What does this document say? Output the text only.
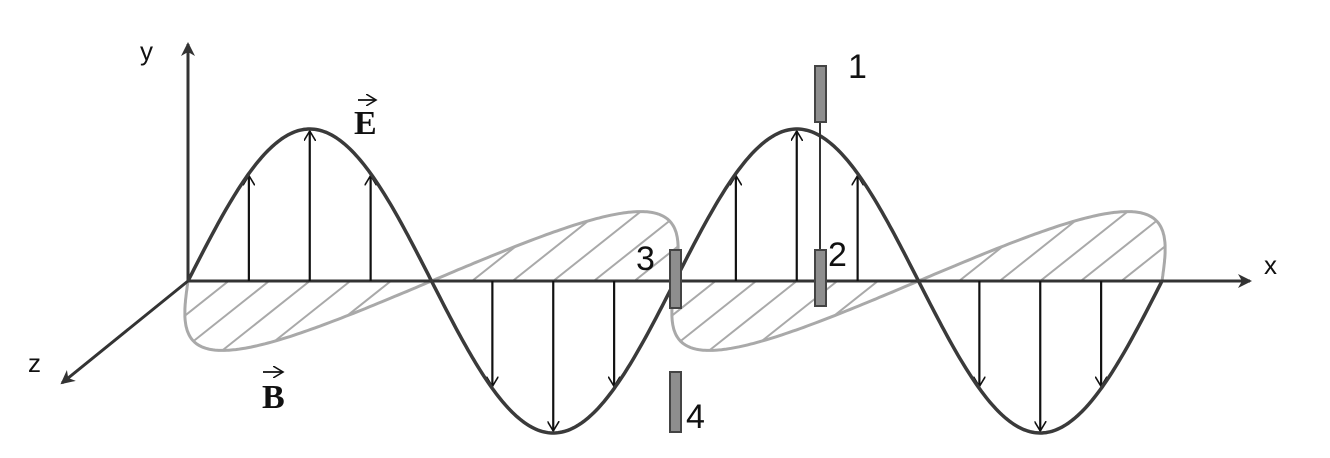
y
x
z
E
B
1
2
3
4
